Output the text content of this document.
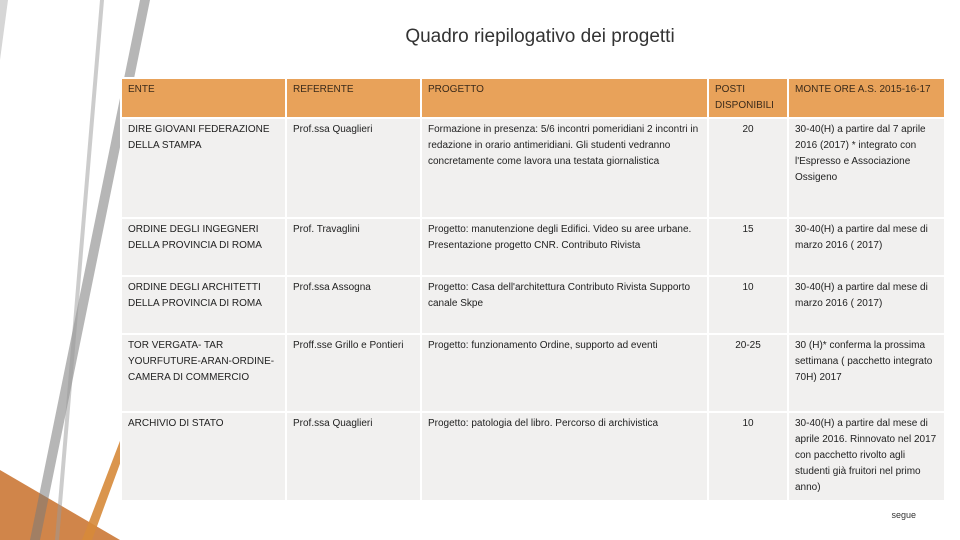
Quadro riepilogativo dei progetti
ENTE	REFERENTE	PROGETTO	POSTI DISPONIBILI	MONTE ORE A.S. 2015-16-17
DIRE GIOVANI FEDERAZIONE DELLA STAMPA	Prof.ssa Quaglieri	Formazione in presenza: 5/6 incontri pomeridiani 2 incontri in redazione in orario antimeridiani. Gli studenti vedranno concretamente come lavora una testata giornalistica	20	30-40(H) a partire dal 7 aprile 2016 (2017) * integrato con l'Espresso e Associazione Ossigeno
ORDINE DEGLI INGEGNERI DELLA PROVINCIA DI ROMA	Prof. Travaglini	Progetto: manutenzione degli Edifici. Video su aree urbane. Presentazione progetto CNR. Contributo Rivista	15	30-40(H) a partire dal mese di marzo 2016 ( 2017)
ORDINE DEGLI ARCHITETTI DELLA PROVINCIA DI ROMA	Prof.ssa Assogna	Progetto: Casa dell'architettura Contributo Rivista Supporto canale Skpe	10	30-40(H) a partire dal mese di marzo 2016 ( 2017)
TOR VERGATA- TAR YOURFUTURE-ARAN-ORDINE- CAMERA DI COMMERCIO	Proff.sse Grillo e Pontieri	Progetto: funzionamento Ordine, supporto ad eventi	20-25	30 (H)* conferma la prossima settimana ( pacchetto integrato 70H) 2017
ARCHIVIO DI STATO	Prof.ssa Quaglieri	Progetto: patologia del libro. Percorso di archivistica	10	30-40(H) a partire dal mese di aprile 2016. Rinnovato nel 2017 con pacchetto rivolto agli studenti già fruitori nel primo anno)
segue
